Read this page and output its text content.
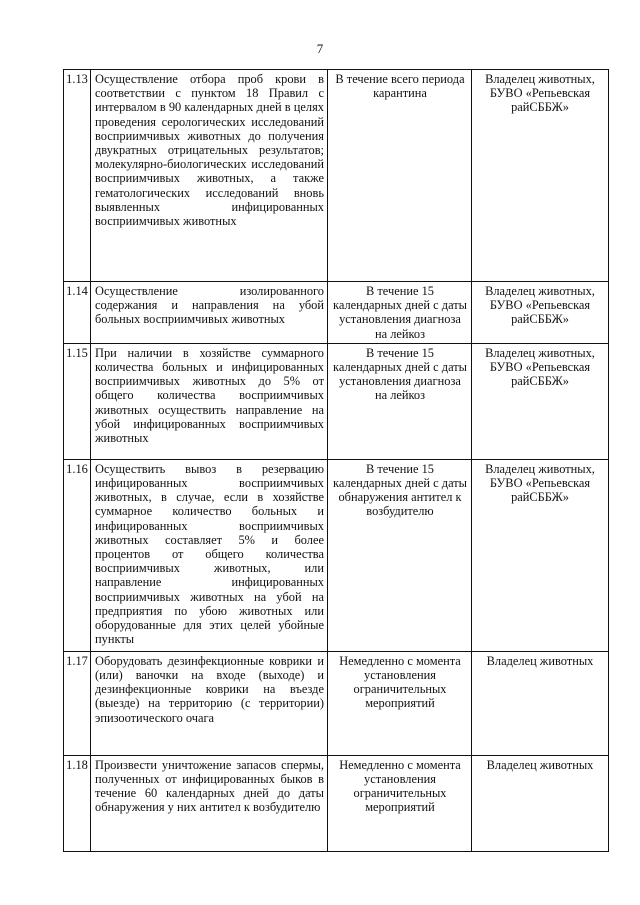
7
1.13	Осуществление отбора проб крови в соответствии с пунктом 18 Правил с интервалом в 90 календарных дней в целях проведения серологических исследований восприимчивых животных до получения двукратных отрицательных результатов; молекулярно-биологических исследований восприимчивых животных, а также гематологических исследований вновь выявленных инфицированных восприимчивых животных	В течение всего периода карантина	Владелец животных, БУВО «Репьевская райСББЖ»
1.14	Осуществление изолированного содержания и направления на убой больных восприимчивых животных	В течение 15 календарных дней с даты установления диагноза на лейкоз	Владелец животных, БУВО «Репьевская райСББЖ»
1.15	При наличии в хозяйстве суммарного количества больных и инфицированных восприимчивых животных до 5% от общего количества восприимчивых животных осуществить направление на убой инфицированных восприимчивых животных	В течение 15 календарных дней с даты установления диагноза на лейкоз	Владелец животных, БУВО «Репьевская райСББЖ»
1.16	Осуществить вывоз в резервацию инфицированных восприимчивых животных, в случае, если в хозяйстве суммарное количество больных и инфицированных восприимчивых животных составляет 5% и более процентов от общего количества восприимчивых животных, или направление инфицированных восприимчивых животных на убой на предприятия по убою животных или оборудованные для этих целей убойные пункты	В течение 15 календарных дней с даты обнаружения антител к возбудителю	Владелец животных, БУВО «Репьевская райСББЖ»
1.17	Оборудовать дезинфекционные коврики и (или) ваночки на входе (выходе) и дезинфекционные коврики на въезде (выезде) на территорию (с территории) эпизоотического очага	Немедленно с момента установления ограничительных мероприятий	Владелец животных
1.18	Произвести уничтожение запасов спермы, полученных от инфицированных быков в течение 60 календарных дней до даты обнаружения у них антител к возбудителю	Немедленно с момента установления ограничительных мероприятий	Владелец животных
